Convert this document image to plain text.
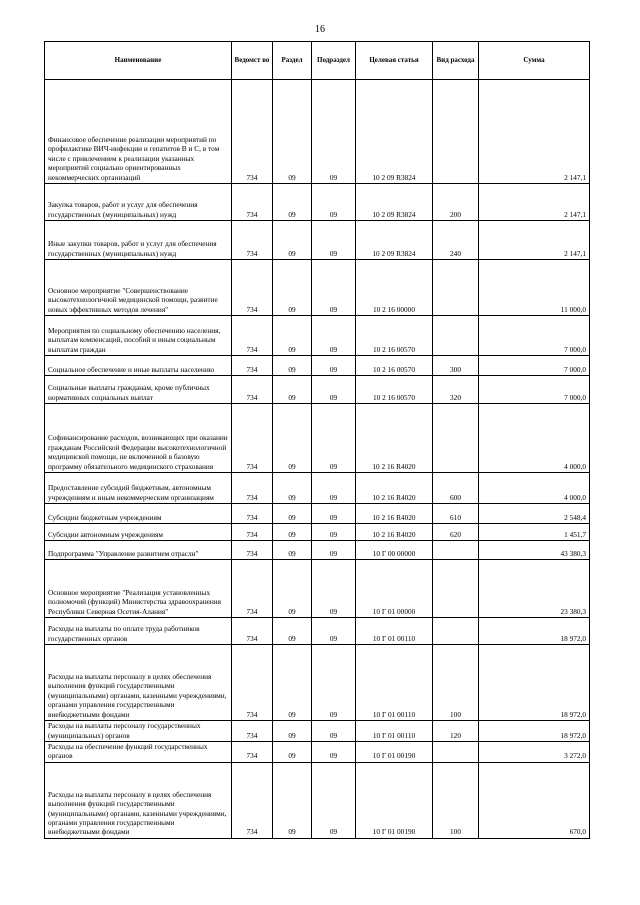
16
Наименование	Ведомст во	Раздел	Подраздел	Целевая статья	Вид расхода	Сумма
Финансовое обеспечение реализации мероприятий по профилактике ВИЧ-инфекции и гепатитов В и С, в том числе с привлечением к реализации указанных мероприятий социально ориентированных некоммерческих организаций	734	09	09	10 2 09 R3824		2 147,1
Закупка товаров, работ и услуг для обеспечения государственных (муниципальных) нужд	734	09	09	10 2 09 R3824	200	2 147,1
Иные закупки товаров, работ и услуг для обеспечения государственных (муниципальных) нужд	734	09	09	10 2 09 R3824	240	2 147,1
Основное мероприятие "Совершенствование высокотехнологичной медицинской помощи, развитие новых эффективных методов лечения"	734	09	09	10 2 16 00000		11 000,0
Мероприятия по социальному обеспечению населения, выплатам компенсаций, пособий и иным социальным выплатам граждан	734	09	09	10 2 16 00570		7 000,0
Социальное обеспечение и иные выплаты населению	734	09	09	10 2 16 00570	300	7 000,0
Социальные выплаты гражданам, кроме публичных нормативных социальных выплат	734	09	09	10 2 16 00570	320	7 000,0
Софинансирование расходов, возникающих при оказании гражданам Российской Федерации высокотехнологичной медицинской помощи, не включенной в базовую программу обязательного медицинского страхования	734	09	09	10 2 16 R4020		4 000,0
Предоставление субсидий бюджетным, автономным учреждениям и иным некоммерческим организациям	734	09	09	10 2 16 R4020	600	4 000,0
Субсидии бюджетным учреждениям	734	09	09	10 2 16 R4020	610	2 548,4
Субсидии автономным учреждениям	734	09	09	10 2 16 R4020	620	1 451,7
Подпрограмма "Управление развитием отрасли"	734	09	09	10 Г 00 00000		43 380,3
Основное мероприятие "Реализация установленных полномочий (функций) Министерства здравоохранения Республики Северная Осетия-Алания"	734	09	09	10 Г 01 00000		23 380,3
Расходы на выплаты по оплате труда работников государственных органов	734	09	09	10 Г 01 00110		18 972,0
Расходы на выплаты персоналу в целях обеспечения выполнения функций государственными (муниципальными) органами, казенными учреждениями, органами управления государственными внебюджетными фондами	734	09	09	10 Г 01 00110	100	18 972,0
Расходы на выплаты персоналу государственных (муниципальных) органов	734	09	09	10 Г 01 00110	120	18 972,0
Расходы на обеспечение функций государственных органов	734	09	09	10 Г 01 00190		3 272,0
Расходы на выплаты персоналу в целях обеспечения выполнения функций государственными (муниципальными) органами, казенными учреждениями, органами управления государственными внебюджетными фондами	734	09	09	10 Г 01 00190	100	670,0
